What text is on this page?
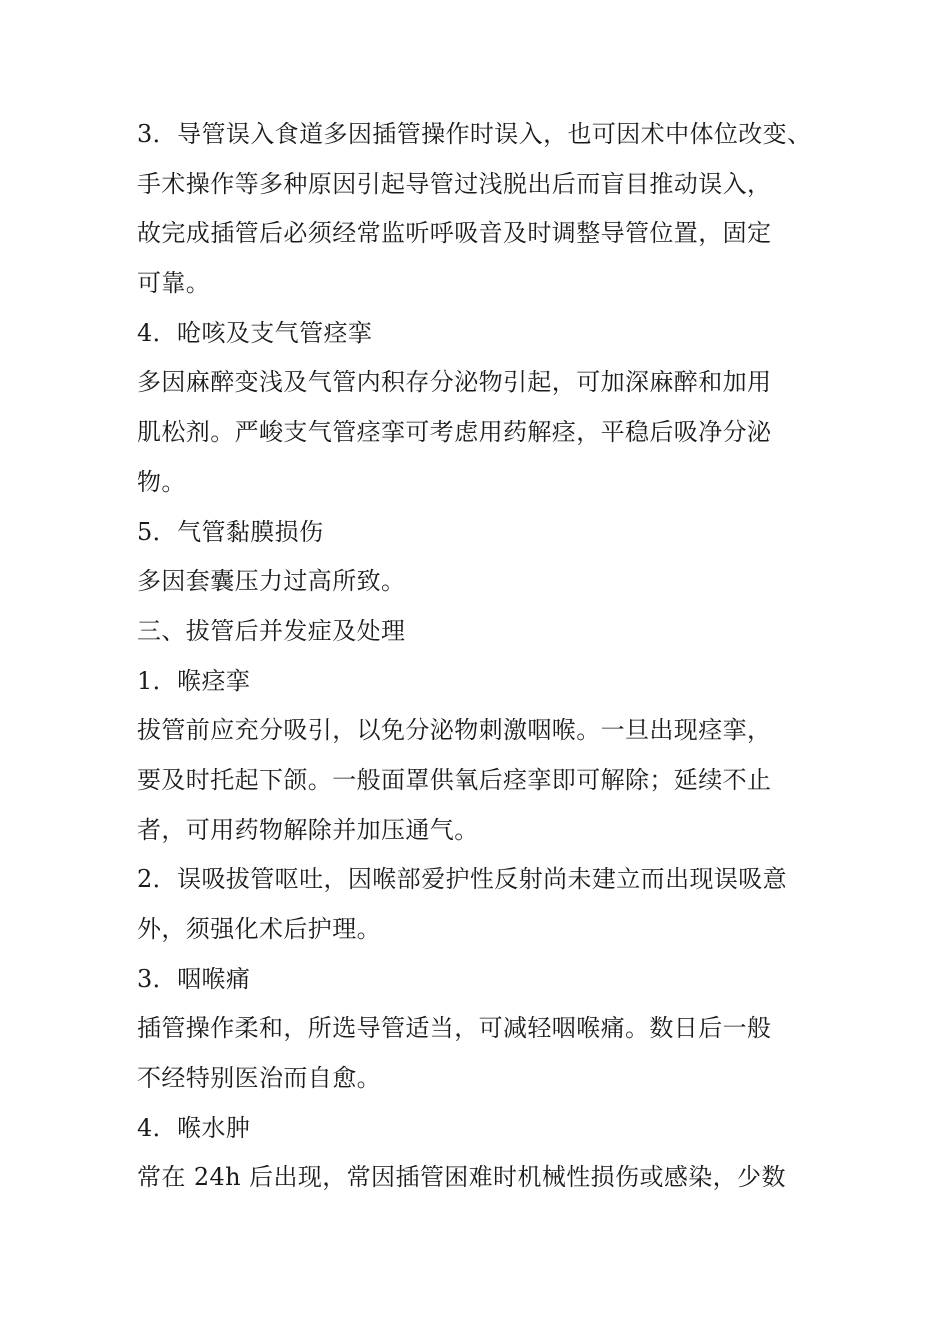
3．导管误入食道多因插管操作时误入，也可因术中体位改变、
手术操作等多种原因引起导管过浅脱出后而盲目推动误入，
故完成插管后必须经常监听呼吸音及时调整导管位置，固定
可靠。
4．呛咳及支气管痉挛
多因麻醉变浅及气管内积存分泌物引起，可加深麻醉和加用
肌松剂。严峻支气管痉挛可考虑用药解痉，平稳后吸净分泌
物。
5．气管黏膜损伤
多因套囊压力过高所致。
三、拔管后并发症及处理
1．喉痉挛
拔管前应充分吸引，以免分泌物刺激咽喉。一旦出现痉挛，
要及时托起下颌。一般面罩供氧后痉挛即可解除；延续不止
者，可用药物解除并加压通气。
2．误吸拔管呕吐，因喉部爱护性反射尚未建立而出现误吸意
外，须强化术后护理。
3．咽喉痛
插管操作柔和，所选导管适当，可减轻咽喉痛。数日后一般
不经特别医治而自愈。
4．喉水肿
常在 24h 后出现，常因插管困难时机械性损伤或感染，少数
